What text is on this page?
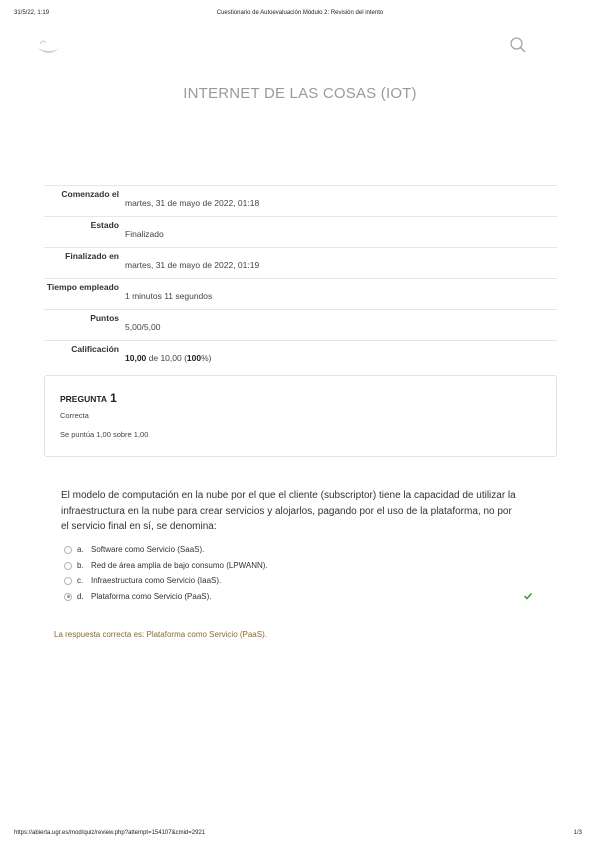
31/5/22, 1:19	Cuestionario de Autoevaluación Módulo 2: Revisión del intento
INTERNET DE LAS COSAS (IOT)
Comenzado el
martes, 31 de mayo de 2022, 01:18
Estado
Finalizado
Finalizado en
martes, 31 de mayo de 2022, 01:19
Tiempo empleado
1 minutos 11 segundos
Puntos
5,00/5,00
Calificación
10,00 de 10,00 (100%)
PREGUNTA 1
Correcta
Se puntúa 1,00 sobre 1,00
El modelo de computación en la nube por el que el cliente (subscriptor) tiene la capacidad de utilizar la infraestructura en la nube para crear servicios y alojarlos, pagando por el uso de la plataforma, no por el servicio final en sí, se denomina:
a. Software como Servicio (SaaS).
b. Red de área amplia de bajo consumo (LPWANN).
c. Infraestructura como Servicio (IaaS).
d. Plataforma como Servicio (PaaS).
La respuesta correcta es: Plataforma como Servicio (PaaS).
https://abierta.ugr.es/mod/quiz/review.php?attempt=154107&cmid=2921	1/3
